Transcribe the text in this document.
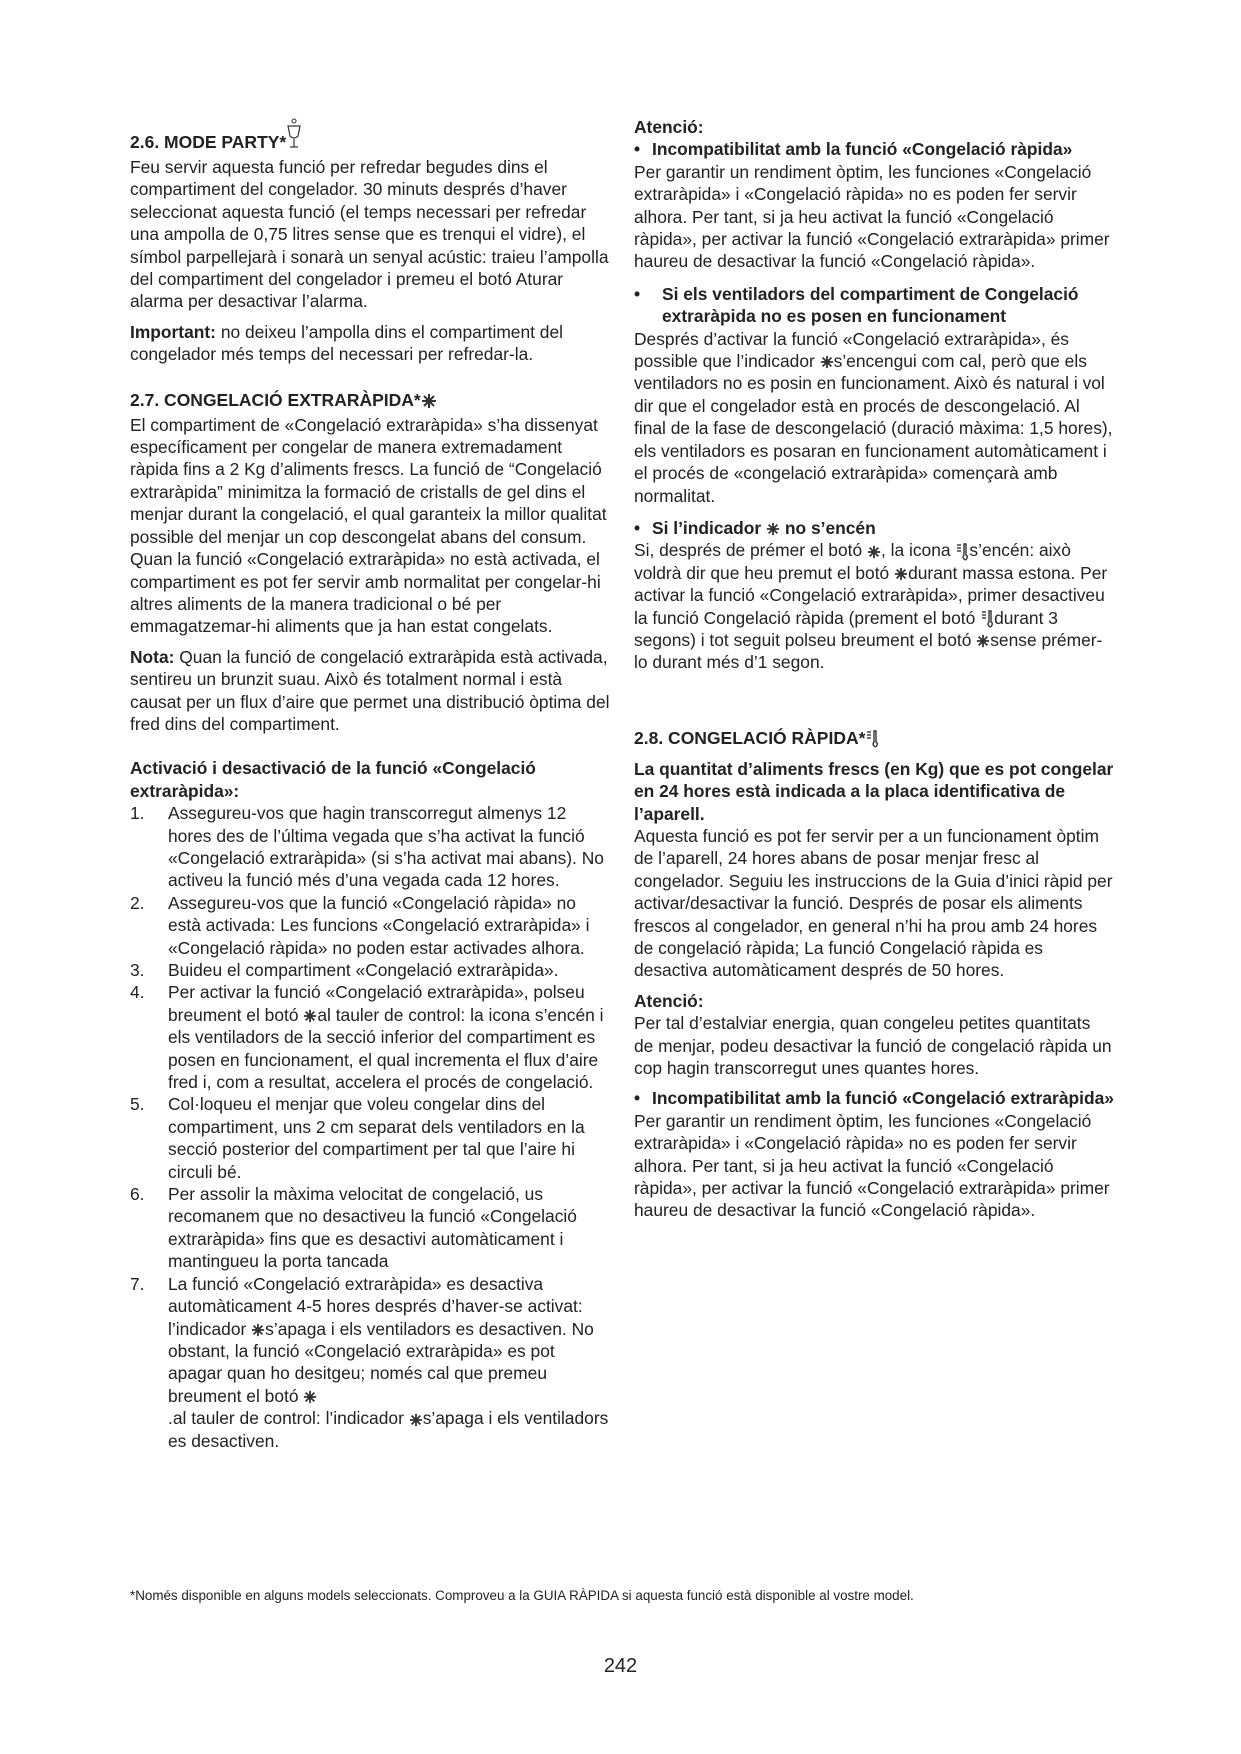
2.6. MODE PARTY*

Feu servir aquesta funció per refredar begudes dins el compartiment del congelador. 30 minuts després d’haver seleccionat aquesta funció (el temps necessari per refredar una ampolla de 0,75 litres sense que es trenqui el vidre), el símbol parpellejarà i sonarà un senyal acústic: traieu l’ampolla del compartiment del congelador i premeu el botó Aturar alarma per desactivar l’alarma.

Important: no deixeu l’ampolla dins el compartiment del congelador més temps del necessari per refredar-la.

2.7. CONGELACIÓ EXTRARÀPIDA*

El compartiment de «Congelació extraràpida» s’ha dissenyat específicament per congelar de manera extremadament ràpida fins a 2 Kg d’aliments frescs. La funció de “Congelació extraràpida” minimitza la formació de cristalls de gel dins el menjar durant la congelació, el qual garanteix la millor qualitat possible del menjar un cop descongelat abans del consum. Quan la funció «Congelació extraràpida» no està activada, el compartiment es pot fer servir amb normalitat per congelar-hi altres aliments de la manera tradicional o bé per emmagatzemar-hi aliments que ja han estat congelats.

Nota: Quan la funció de congelació extraràpida està activada, sentireu un brunzit suau. Això és totalment normal i està causat per un flux d’aire que permet una distribució òptima del fred dins del compartiment.

Activació i desactivació de la funció «Congelació extraràpida»:
1.	Assegureu-vos que hagin transcorregut almenys 12 hores des de l’última vegada que s’ha activat la funció «Congelació extraràpida» (si s’ha activat mai abans). No activeu la funció més d’una vegada cada 12 hores.
2.	Assegureu-vos que la funció «Congelació ràpida» no està activada: Les funcions «Congelació extraràpida» i «Congelació ràpida» no poden estar activades alhora.
3.	Buideu el compartiment «Congelació extraràpida».
4.	Per activar la funció «Congelació extraràpida», polseu breument el botó
al tauler de control: la icona s’encén i els ventiladors de la secció inferior del compartiment es posen en funcionament, el qual incrementa el flux d’aire fred i, com a resultat, accelera el procés de congelació.
5.	Col·loqueu el menjar que voleu congelar dins del compartiment, uns 2 cm separat dels ventiladors en la secció posterior del compartiment per tal que l’aire hi circuli bé.
6.	Per assolir la màxima velocitat de congelació, us recomanem que no desactiveu la funció «Congelació extraràpida» fins que es desactivi automàticament i mantingueu la porta tancada
7.	La funció «Congelació extraràpida» es desactiva automàticament 4-5 hores després d’haver-se activat: l’indicador
s’apaga i els ventiladors es desactiven. No obstant, la funció «Congelació extraràpida» es pot apagar quan ho desitgeu; només cal que premeu breument el botó

.al tauler de control: l’indicador
s’apaga i els ventiladors es desactiven.
Atenció:
• Incompatibilitat amb la funció «Congelació ràpida»

Per garantir un rendiment òptim, les funciones «Congelació extraràpida» i «Congelació ràpida» no es poden fer servir alhora. Per tant, si ja heu activat la funció «Congelació ràpida», per activar la funció «Congelació extraràpida» primer haureu de desactivar la funció «Congelació ràpida».

•	Si els ventiladors del compartiment de Congelació extraràpida no es posen en funcionament

Després d’activar la funció «Congelació extraràpida», és possible que l’indicador
s’encengui com cal, però que els ventiladors no es posin en funcionament. Això és natural i vol dir que el congelador està en procés de descongelació. Al final de la fase de descongelació (duració màxima: 1,5 hores), els ventiladors es posaran en funcionament automàticament i el procés de «congelació extraràpida» començarà amb normalitat.

• Si l’indicador
no s’encén

Si, després de prémer el botó
, la icona
s’encén: això voldrà dir que heu premut el botó
durant massa estona. Per activar la funció «Congelació extraràpida», primer desactiveu la funció Congelació ràpida (prement el botó
durant 3 segons) i tot seguit polseu breument el botó
sense prémer-lo durant més d’1 segon.

2.8. CONGELACIÓ RÀPIDA*
La quantitat d’aliments frescs (en Kg) que es pot congelar en 24 hores està indicada a la placa identificativa de l’aparell.

Aquesta funció es pot fer servir per a un funcionament òptim de l’aparell, 24 hores abans de posar menjar fresc al congelador. Seguiu les instruccions de la Guia d’inici ràpid per activar/desactivar la funció. Després de posar els aliments frescos al congelador, en general n’hi ha prou amb 24 hores de congelació ràpida; La funció Congelació ràpida es desactiva automàticament després de 50 hores.

Atenció:

Per tal d’estalviar energia, quan congeleu petites quantitats de menjar, podeu desactivar la funció de congelació ràpida un cop hagin transcorregut unes quantes hores.

• Incompatibilitat amb la funció «Congelació extraràpida»

Per garantir un rendiment òptim, les funciones «Congelació extraràpida» i «Congelació ràpida» no es poden fer servir alhora. Per tant, si ja heu activat la funció «Congelació ràpida», per activar la funció «Congelació extraràpida» primer haureu de desactivar la funció «Congelació ràpida».

*Només disponible en alguns models seleccionats. Comproveu a la GUIA RÀPIDA si aquesta funció està disponible al vostre model.
242
